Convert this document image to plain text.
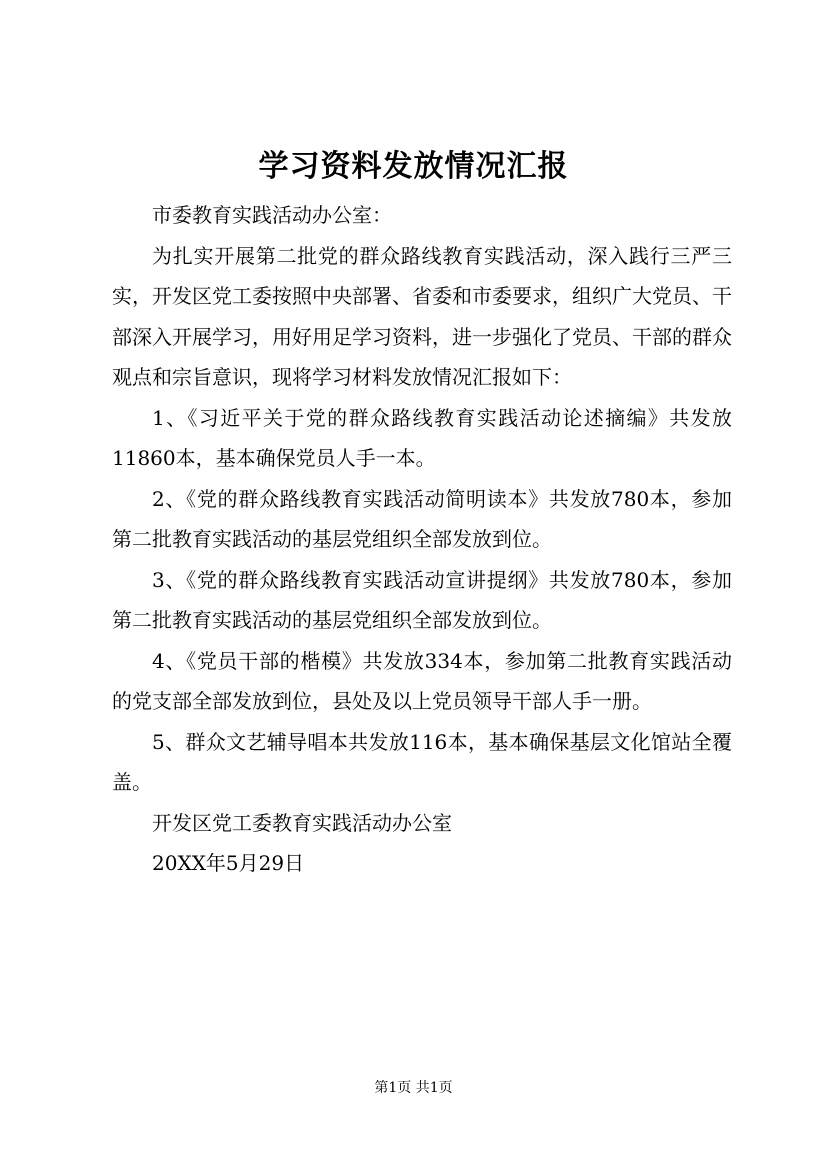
学习资料发放情况汇报

市委教育实践活动办公室：

为扎实开展第二批党的群众路线教育实践活动，深入践行三严三实，开发区党工委按照中央部署、省委和市委要求，组织广大党员、干部深入开展学习，用好用足学习资料，进一步强化了党员、干部的群众观点和宗旨意识，现将学习材料发放情况汇报如下：

1、《习近平关于党的群众路线教育实践活动论述摘编》共发放11860本，基本确保党员人手一本。

2、《党的群众路线教育实践活动简明读本》共发放780本，参加第二批教育实践活动的基层党组织全部发放到位。

3、《党的群众路线教育实践活动宣讲提纲》共发放780本，参加第二批教育实践活动的基层党组织全部发放到位。

4、《党员干部的楷模》共发放334本，参加第二批教育实践活动的党支部全部发放到位，县处及以上党员领导干部人手一册。

5、群众文艺辅导唱本共发放116本，基本确保基层文化馆站全覆盖。

开发区党工委教育实践活动办公室

20XX年5月29日

第1页 共1页
